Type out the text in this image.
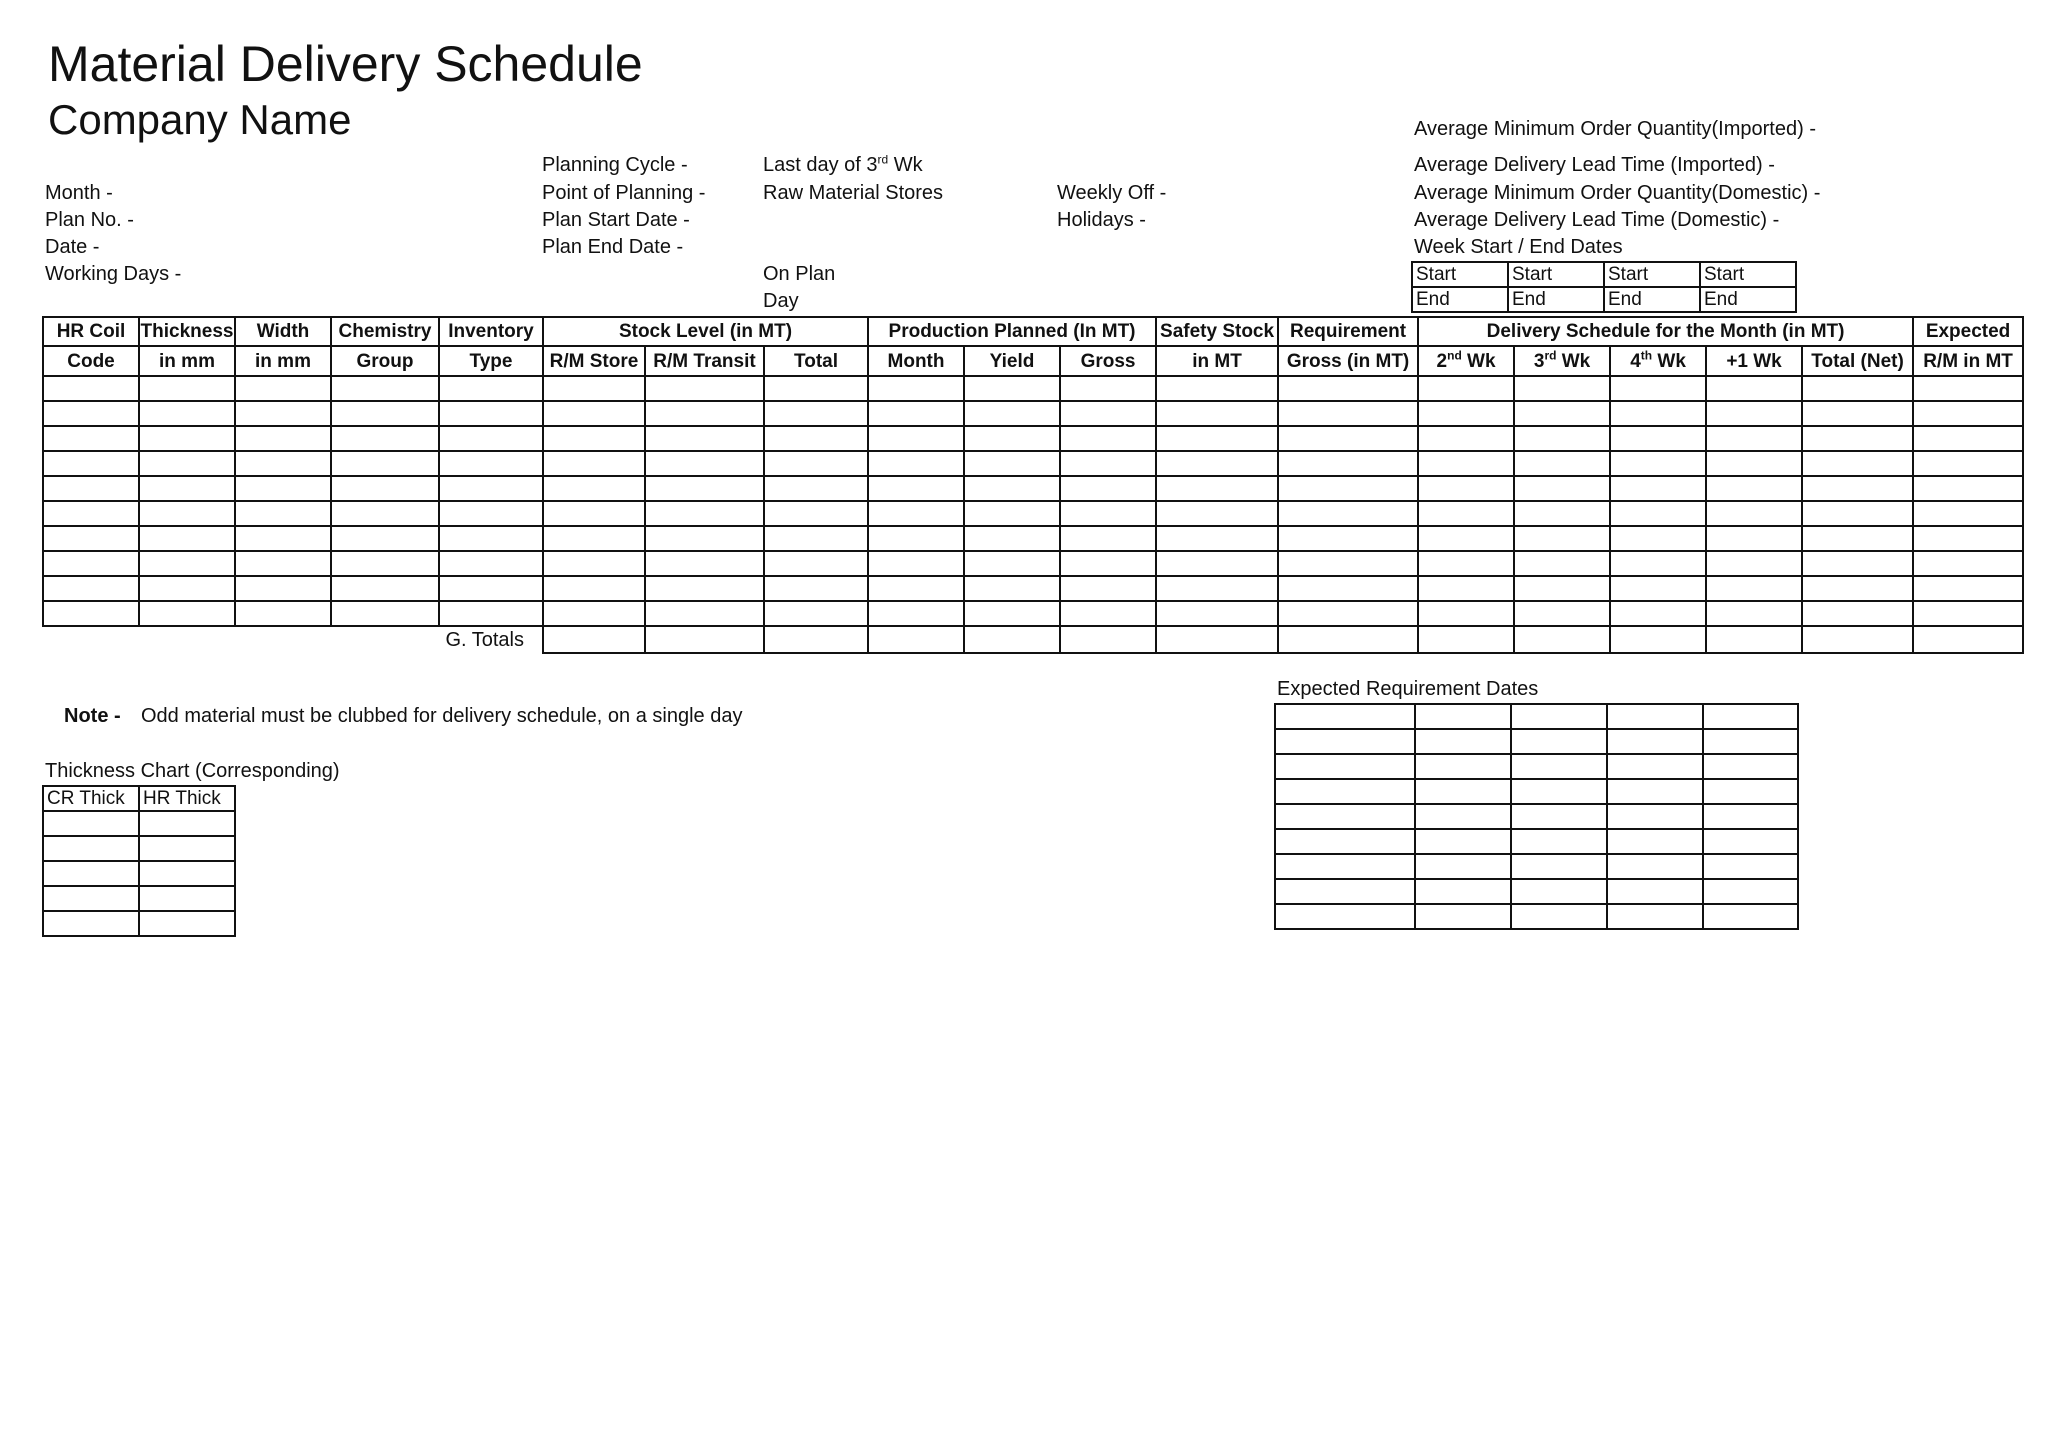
Material Delivery Schedule
Company Name
Month -
Plan No. -
Date -
Working Days -
Planning Cycle -	Last day of 3rd Wk
Point of Planning -	Raw Material Stores
Plan Start Date -
Plan End Date -
On Plan
Day
Weekly Off -
Holidays -
Average Minimum Order Quantity(Imported) -
Average Delivery Lead Time (Imported) -
Average Minimum Order Quantity(Domestic) -
Average Delivery Lead Time (Domestic) -
Week Start / End Dates
Start	Start	Start	Start
End	End	End	End
HR Coil	Thickness	Width	Chemistry	Inventory	Stock Level (in MT)			Production Planned (In MT)			Safety Stock	Requirement	Delivery Schedule for the Month (in MT)					Expected
Code	in mm	in mm	Group	Type	R/M Store	R/M Transit	Total	Month	Yield	Gross	in MT	Gross (in MT)	2nd Wk	3rd Wk	4th Wk	+1 Wk	Total (Net)	R/M in MT

				G. Totals														
Note - Odd material must be clubbed for delivery schedule, on a single day
Thickness Chart (Corresponding)
CR Thick	HR Thick

Expected Requirement Dates
